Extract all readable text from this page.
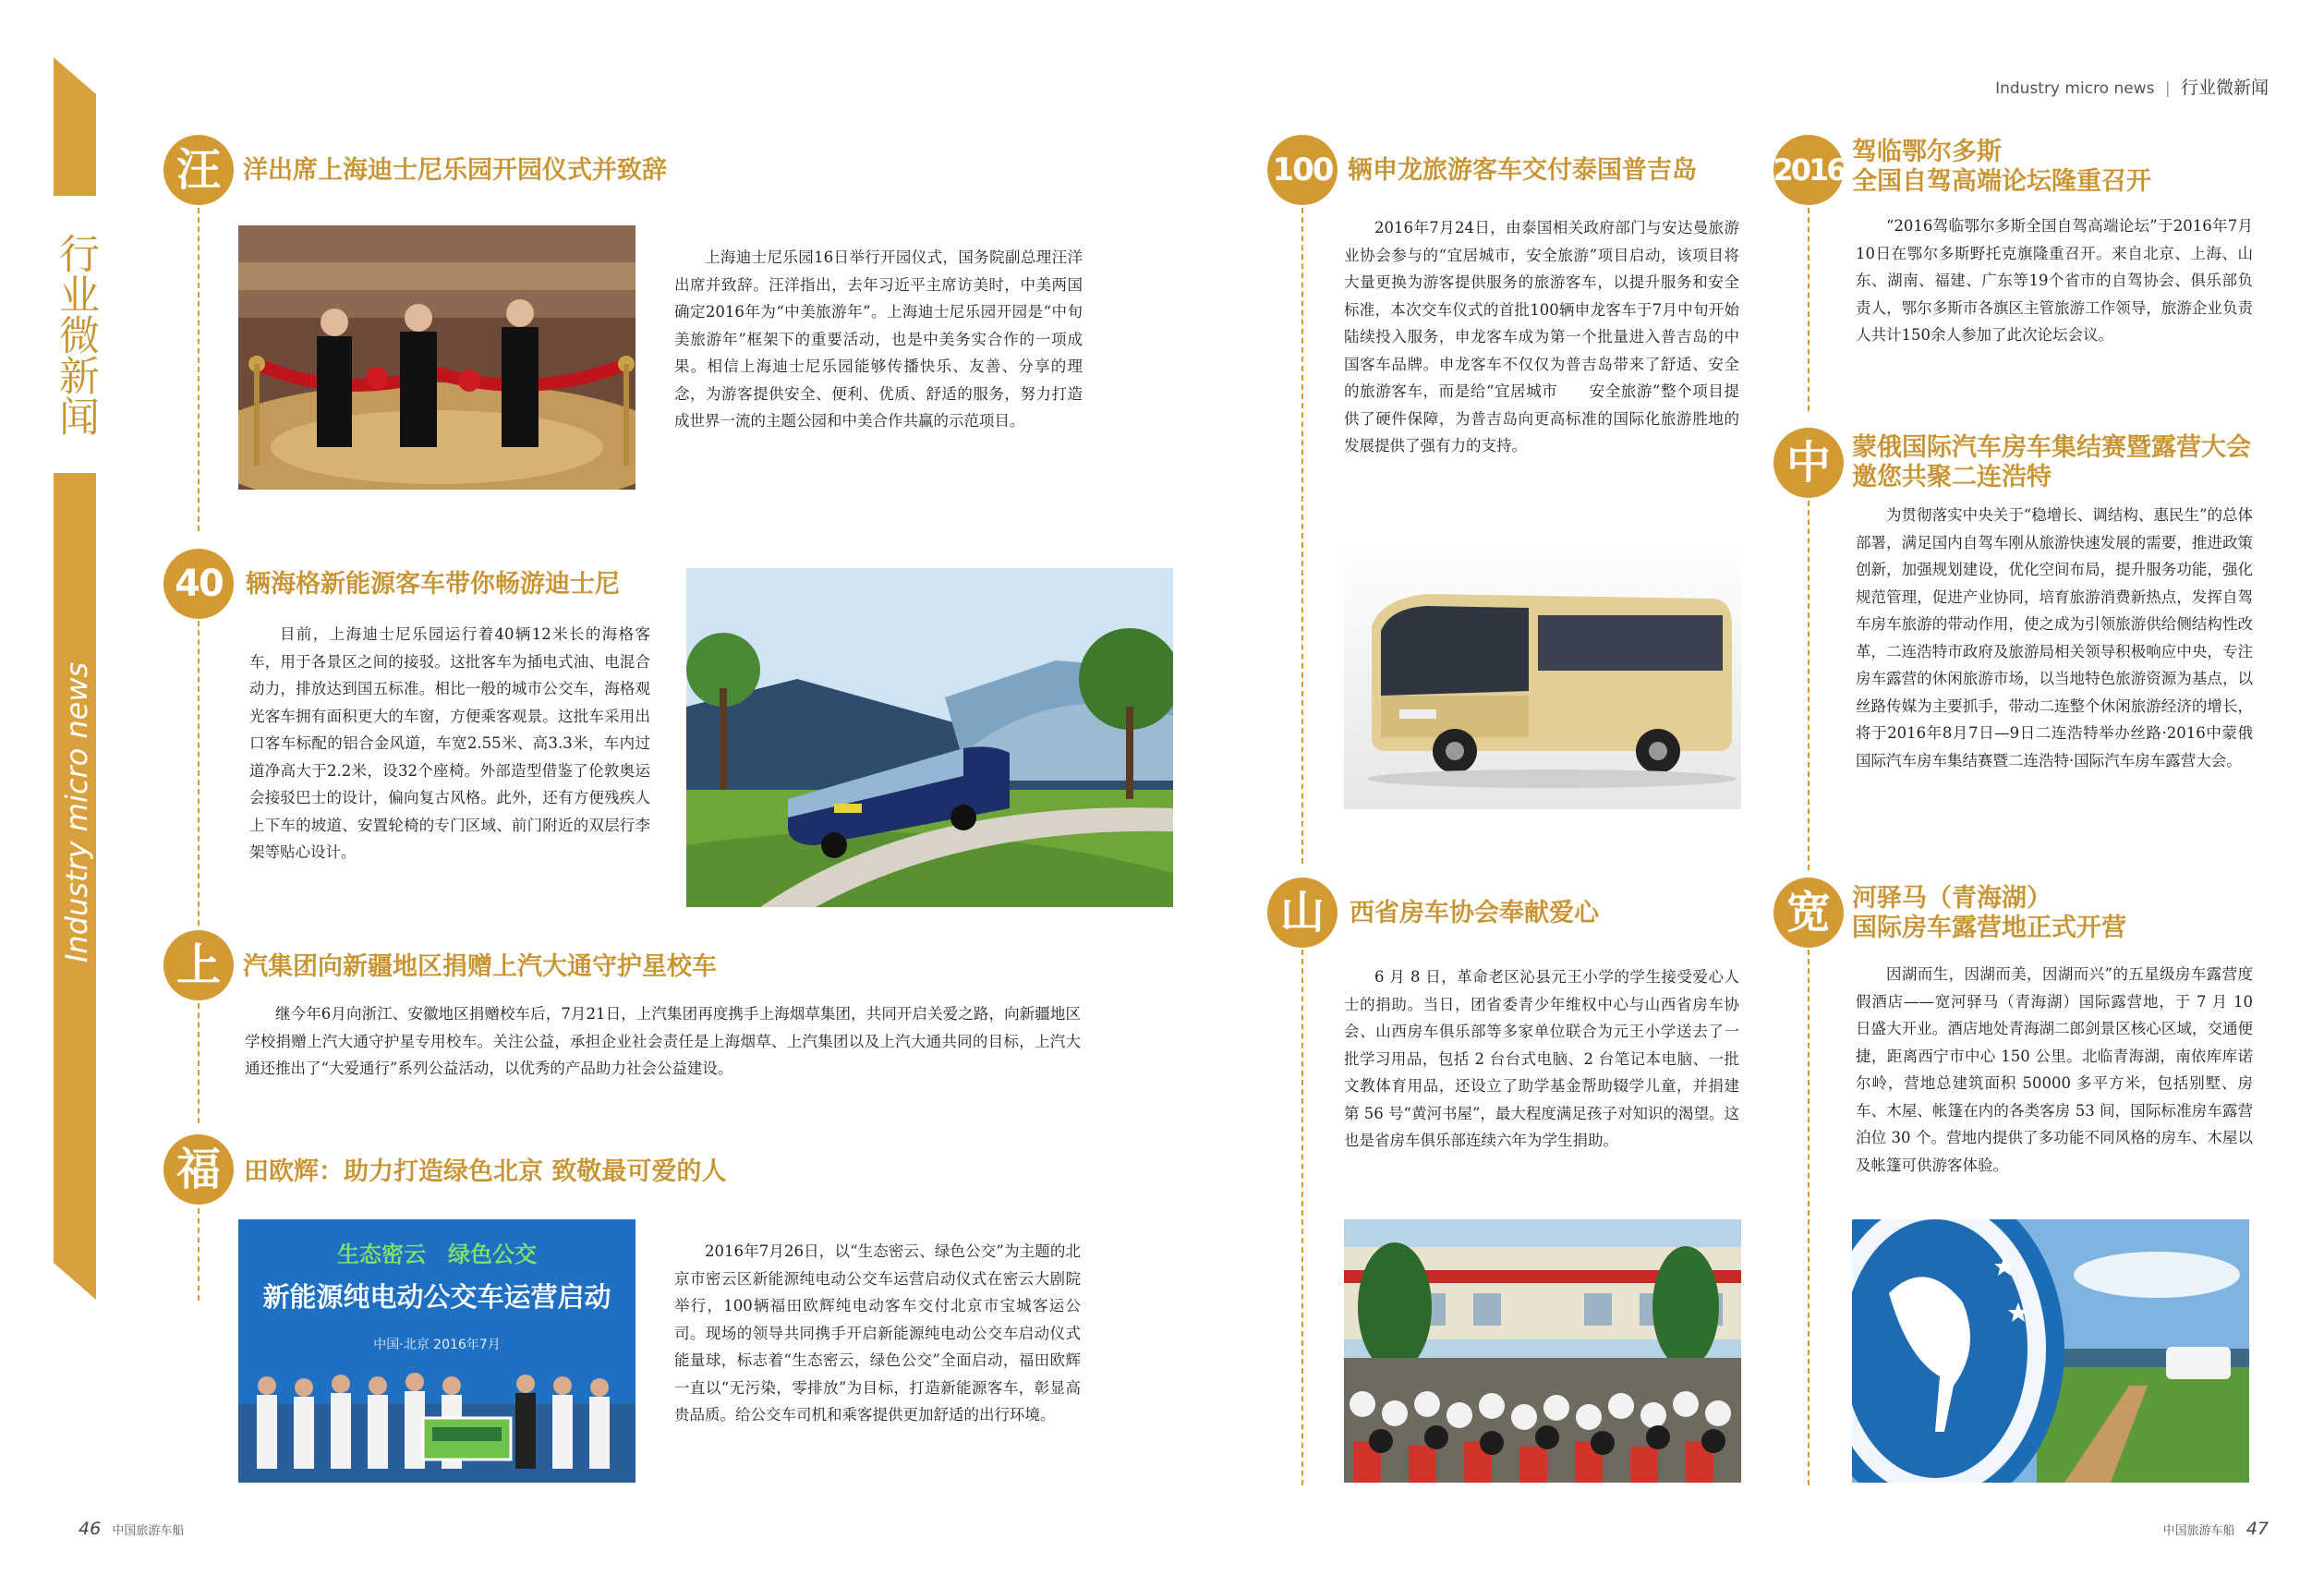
行业微新闻
Industry micro news
Industry micro news | 行业微新闻
汪 洋出席上海迪士尼乐园开园仪式并致辞
上海迪士尼乐园16日举行开园仪式，国务院副总理汪洋出席并致辞。汪洋指出，去年习近平主席访美时，中美两国确定2016年为“中美旅游年”。上海迪士尼乐园开园是“中旬美旅游年”框架下的重要活动，也是中美务实合作的一项成果。相信上海迪士尼乐园能够传播快乐、友善、分享的理念，为游客提供安全、便利、优质、舒适的服务，努力打造成世界一流的主题公园和中美合作共赢的示范项目。
40 辆海格新能源客车带你畅游迪士尼
目前，上海迪士尼乐园运行着40辆12米长的海格客车，用于各景区之间的接驳。这批客车为插电式油、电混合动力，排放达到国五标准。相比一般的城市公交车，海格观光客车拥有面积更大的车窗，方便乘客观景。这批车采用出口客车标配的铝合金风道，车宽2.55米、高3.3米，车内过道净高大于2.2米，设32个座椅。外部造型借鉴了伦敦奥运会接驳巴士的设计，偏向复古风格。此外，还有方便残疾人上下车的坡道、安置轮椅的专门区域、前门附近的双层行李架等贴心设计。
上 汽集团向新疆地区捐赠上汽大通守护星校车
继今年6月向浙江、安徽地区捐赠校车后，7月21日，上汽集团再度携手上海烟草集团，共同开启关爱之路，向新疆地区学校捐赠上汽大通守护星专用校车。关注公益，承担企业社会责任是上海烟草、上汽集团以及上汽大通共同的目标，上汽大通还推出了“大爱通行”系列公益活动，以优秀的产品助力社会公益建设。
福 田欧辉：助力打造绿色北京 致敬最可爱的人
生态密云　绿色公交
新能源纯电动公交车运营启动
中国·北京 2016年7月
2016年7月26日，以“生态密云、绿色公交”为主题的北京市密云区新能源纯电动公交车运营启动仪式在密云大剧院举行，100辆福田欧辉纯电动客车交付北京市宝城客运公司。现场的领导共同携手开启新能源纯电动公交车启动仪式能量球，标志着“生态密云，绿色公交”全面启动，福田欧辉一直以“无污染，零排放”为目标，打造新能源客车，彰显高贵品质。给公交车司机和乘客提供更加舒适的出行环境。
100 辆申龙旅游客车交付泰国普吉岛
2016年7月24日，由泰国相关政府部门与安达曼旅游业协会参与的“宜居城市，安全旅游”项目启动，该项目将大量更换为游客提供服务的旅游客车，以提升服务和安全标准，本次交车仪式的首批100辆申龙客车于7月中旬开始陆续投入服务，申龙客车成为第一个批量进入普吉岛的中国客车品牌。申龙客车不仅仅为普吉岛带来了舒适、安全的旅游客车，而是给“宜居城市　　安全旅游”整个项目提供了硬件保障，为普吉岛向更高标准的国际化旅游胜地的发展提供了强有力的支持。
山	西省房车协会奉献爱心
6 月 8 日，革命老区沁县元王小学的学生接受爱心人士的捐助。当日，团省委青少年维权中心与山西省房车协会、山西房车俱乐部等多家单位联合为元王小学送去了一批学习用品，包括 2 台台式电脑、2 台笔记本电脑、一批文教体育用品，还设立了助学基金帮助辍学儿童，并捐建第 56 号“黄河书屋”，最大程度满足孩子对知识的渴望。这也是省房车俱乐部连续六年为学生捐助。
2016
驾临鄂尔多斯
全国自驾高端论坛隆重召开
“2016驾临鄂尔多斯全国自驾高端论坛”于2016年7月10日在鄂尔多斯野托克旗隆重召开。来自北京、上海、山东、湖南、福建、广东等19个省市的自驾协会、俱乐部负责人，鄂尔多斯市各旗区主管旅游工作领导，旅游企业负责人共计150余人参加了此次论坛会议。
中 蒙俄国际汽车房车集结赛暨露营大会
邀您共聚二连浩特
为贯彻落实中央关于“稳增长、调结构、惠民生”的总体部署，满足国内自驾车刚从旅游快速发展的需要，推进政策创新，加强规划建设，优化空间布局，提升服务功能，强化规范管理，促进产业协同，培育旅游消费新热点，发挥自驾车房车旅游的带动作用，使之成为引领旅游供给侧结构性改革，二连浩特市政府及旅游局相关领导积极响应中央，专注房车露营的休闲旅游市场，以当地特色旅游资源为基点，以丝路传媒为主要抓手，带动二连整个休闲旅游经济的增长，将于2016年8月7日—9日二连浩特举办丝路·2016中蒙俄国际汽车房车集结赛暨二连浩特·国际汽车房车露营大会。
宽 河驿马（青海湖）
国际房车露营地正式开营
因湖而生，因湖而美，因湖而兴”的五星级房车露营度假酒店——宽河驿马（青海湖）国际露营地，于 7 月 10 日盛大开业。酒店地处青海湖二郎剑景区核心区域，交通便捷，距离西宁市中心 150 公里。北临青海湖，南依库库诺尔岭，营地总建筑面积 50000 多平方米，包括别墅、房车、木屋、帐篷在内的各类客房 53 间，国际标准房车露营泊位 30 个。营地内提供了多功能不同风格的房车、木屋以及帐篷可供游客体验。
46 中国旅游车船	中国旅游车船 47
